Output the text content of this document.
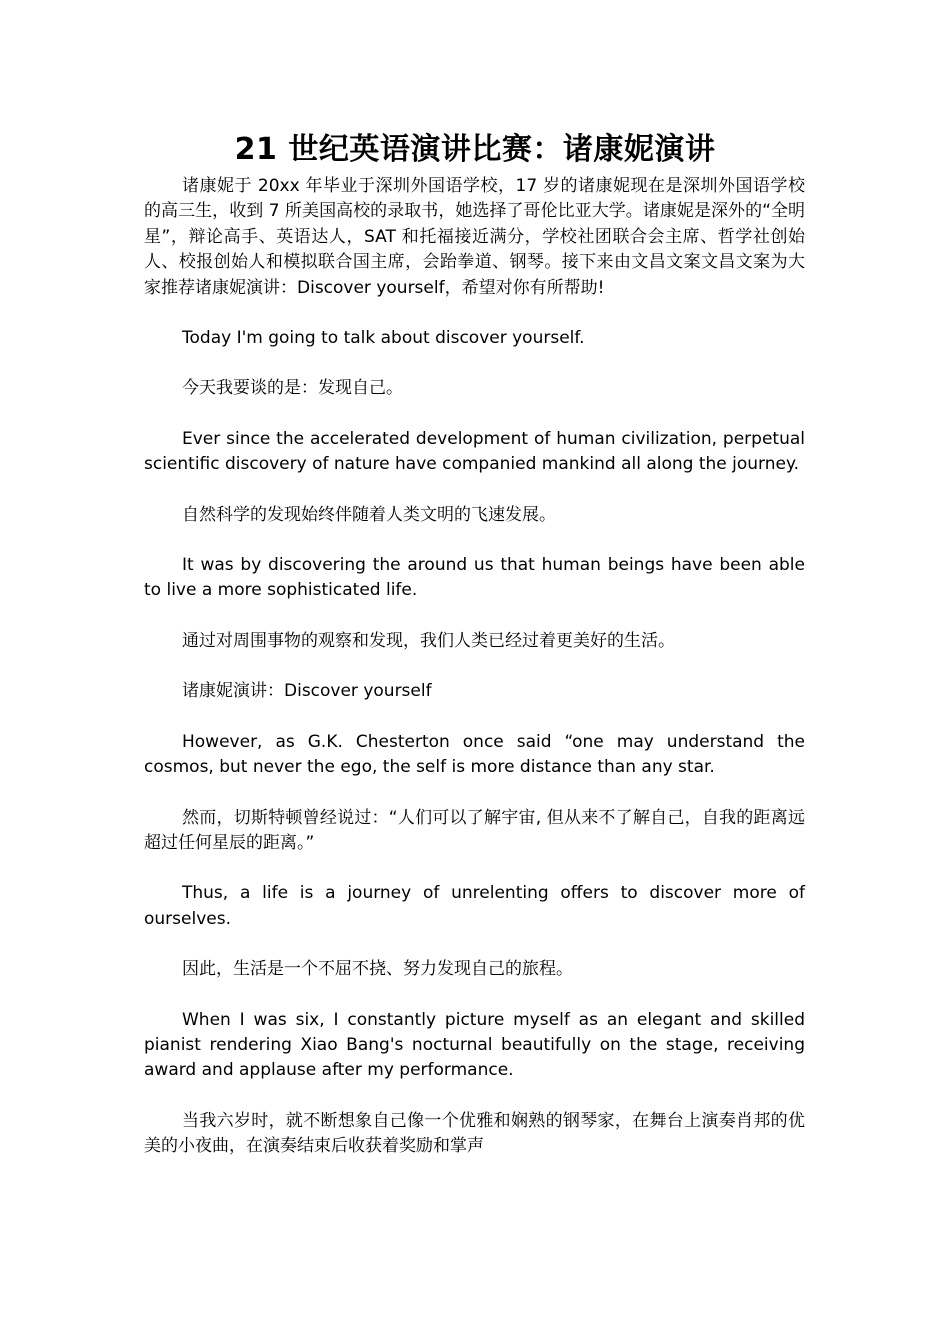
21 世纪英语演讲比赛：诸康妮演讲

诸康妮于 20xx 年毕业于深圳外国语学校，17 岁的诸康妮现在是深圳外国语学校的高三生，收到 7 所美国高校的录取书，她选择了哥伦比亚大学。诸康妮是深外的“全明星”，辩论高手、英语达人，SAT 和托福接近满分，学校社团联合会主席、哲学社创始人、校报创始人和模拟联合国主席，会跆拳道、钢琴。接下来由文昌文案文昌文案为大家推荐诸康妮演讲：Discover yourself，希望对你有所帮助!

Today I'm going to talk about discover yourself.

今天我要谈的是：发现自己。

Ever since the accelerated development of human civilization, perpetual scientific discovery of nature have companied mankind all along the journey.

自然科学的发现始终伴随着人类文明的飞速发展。

It was by discovering the around us that human beings have been able to live a more sophisticated life.

通过对周围事物的观察和发现，我们人类已经过着更美好的生活。

诸康妮演讲：Discover yourself

However, as G.K. Chesterton once said “one may understand the cosmos, but never the ego, the self is more distance than any star.

然而，切斯特顿曾经说过：“人们可以了解宇宙, 但从来不了解自己，自我的距离远超过任何星辰的距离。”

Thus, a life is a journey of unrelenting offers to discover more of ourselves.

因此，生活是一个不屈不挠、努力发现自己的旅程。

When I was six, I constantly picture myself as an elegant and skilled pianist rendering Xiao Bang's nocturnal beautifully on the stage, receiving award and applause after my performance.

当我六岁时，就不断想象自己像一个优雅和娴熟的钢琴家，在舞台上演奏肖邦的优美的小夜曲，在演奏结束后收获着奖励和掌声
